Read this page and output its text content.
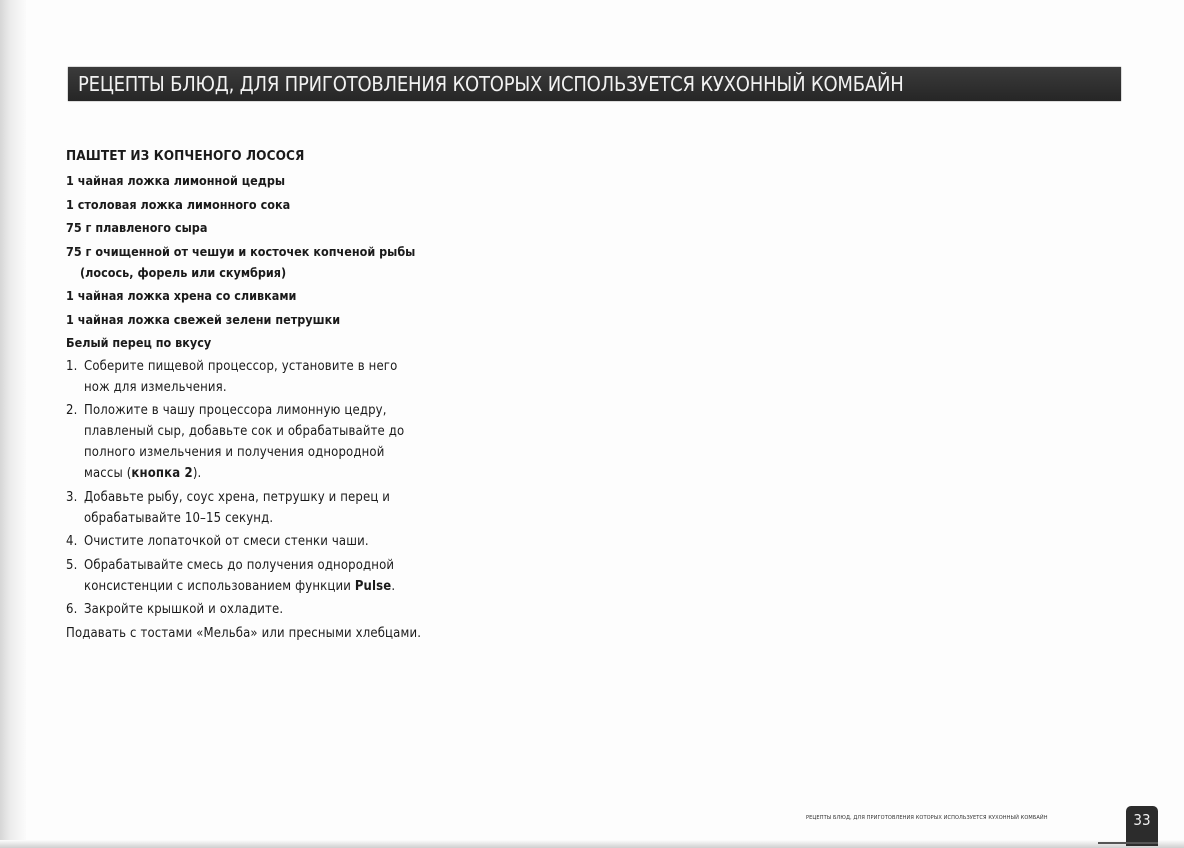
РЕЦЕПТЫ БЛЮД, ДЛЯ ПРИГОТОВЛЕНИЯ КОТОРЫХ ИСПОЛЬЗУЕТСЯ КУХОННЫЙ КОМБАЙН
ПАШТЕТ ИЗ КОПЧЕНОГО ЛОСОСЯ
1 чайная ложка лимонной цедры
1 столовая ложка лимонного сока
75 г плавленого сыра
75 г очищенной от чешуи и косточек копченой рыбы (лосось, форель или скумбрия)
1 чайная ложка хрена со сливками
1 чайная ложка свежей зелени петрушки
Белый перец по вкусу
1. Соберите пищевой процессор, установите в него нож для измельчения.
2. Положите в чашу процессора лимонную цедру, плавленый сыр, добавьте сок и обрабатывайте до полного измельчения и получения однородной массы (кнопка 2).
3. Добавьте рыбу, соус хрена, петрушку и перец и обрабатывайте 10–15 секунд.
4. Очистите лопаточкой от смеси стенки чаши.
5. Обрабатывайте смесь до получения однородной консистенции с использованием функции Pulse.
6. Закройте крышкой и охладите.
Подавать с тостами «Мельба» или пресными хлебцами.
РЕЦЕПТЫ БЛЮД, ДЛЯ ПРИГОТОВЛЕНИЯ КОТОРЫХ ИСПОЛЬЗУЕТСЯ КУХОННЫЙ КОМБАЙН	33
